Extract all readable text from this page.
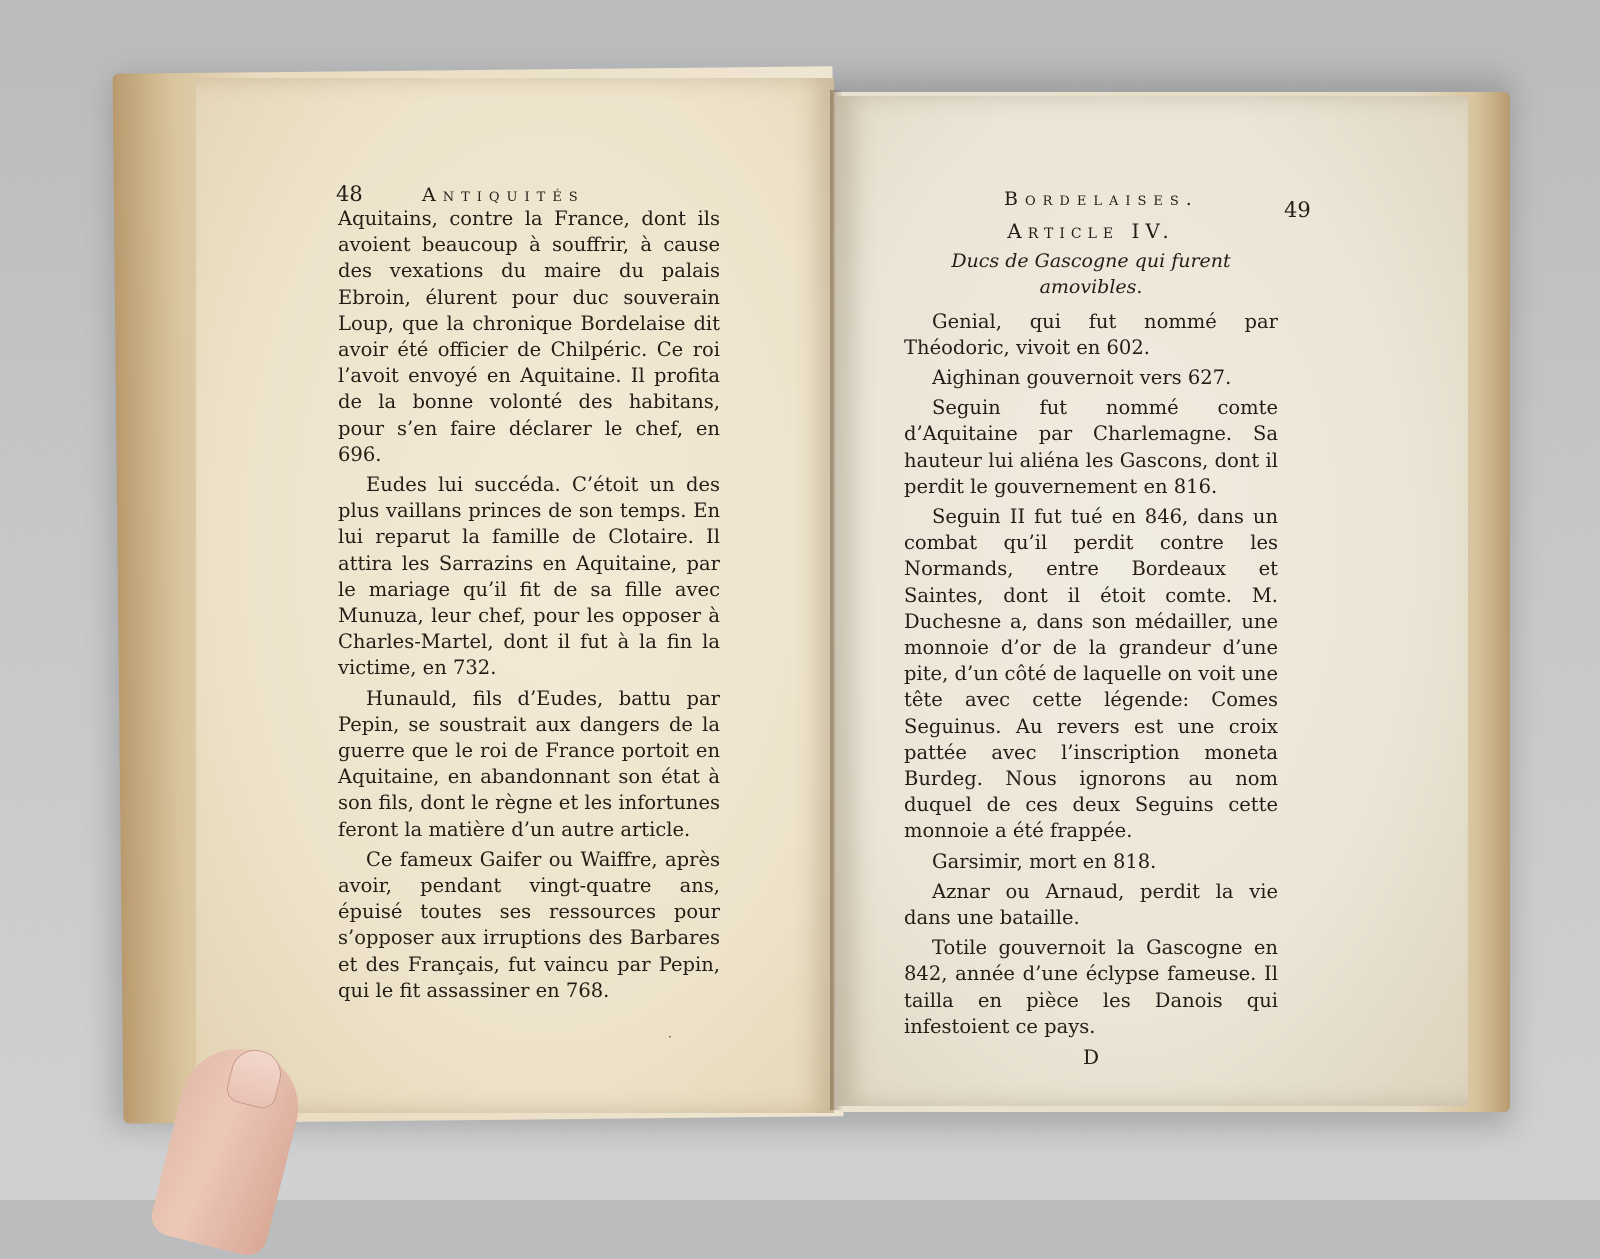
48	Antiquités

Aquitains, contre la France, dont ils avoient beaucoup à souffrir, à cause des vexations du maire du palais Ebroin, élurent pour duc souverain Loup, que la chronique Bordelaise dit avoir été officier de Chilpéric. Ce roi l’avoit envoyé en Aquitaine. Il profita de la bonne volonté des habitans, pour s’en faire déclarer le chef, en 696.

Eudes lui succéda. C’étoit un des plus vaillans princes de son temps. En lui reparut la famille de Clotaire. Il attira les Sarrazins en Aquitaine, par le mariage qu’il fit de sa fille avec Munuza, leur chef, pour les opposer à Charles-Martel, dont il fut à la fin la victime, en 732.

Hunauld, fils d’Eudes, battu par Pepin, se soustrait aux dangers de la guerre que le roi de France portoit en Aquitaine, en abandonnant son état à son fils, dont le règne et les infortunes feront la matière d’un autre article.

Ce fameux Gaifer ou Waiffre, après avoir, pendant vingt-quatre ans, épuisé toutes ses ressources pour s’opposer aux irruptions des Barbares et des Français, fut vaincu par Pepin, qui le fit assassiner en 768.

Bordelaises.	49
Article IV.
Ducs de Gascogne qui furent amovibles.

Genial, qui fut nommé par Théodoric, vivoit en 602.

Aighinan gouvernoit vers 627.

Seguin fut nommé comte d’Aquitaine par Charlemagne. Sa hauteur lui aliéna les Gascons, dont il perdit le gouvernement en 816.

Seguin II fut tué en 846, dans un combat qu’il perdit contre les Normands, entre Bordeaux et Saintes, dont il étoit comte. M. Duchesne a, dans son médailler, une monnoie d’or de la grandeur d’une pite, d’un côté de laquelle on voit une tête avec cette légende: Comes Seguinus. Au revers est une croix pattée avec l’inscription moneta Burdeg. Nous ignorons au nom duquel de ces deux Seguins cette monnoie a été frappée.

Garsimir, mort en 818.

Aznar ou Arnaud, perdit la vie dans une bataille.

Totile gouvernoit la Gascogne en 842, année d’une éclypse fameuse. Il tailla en pièce les Danois qui infestoient ce pays.

D
·
